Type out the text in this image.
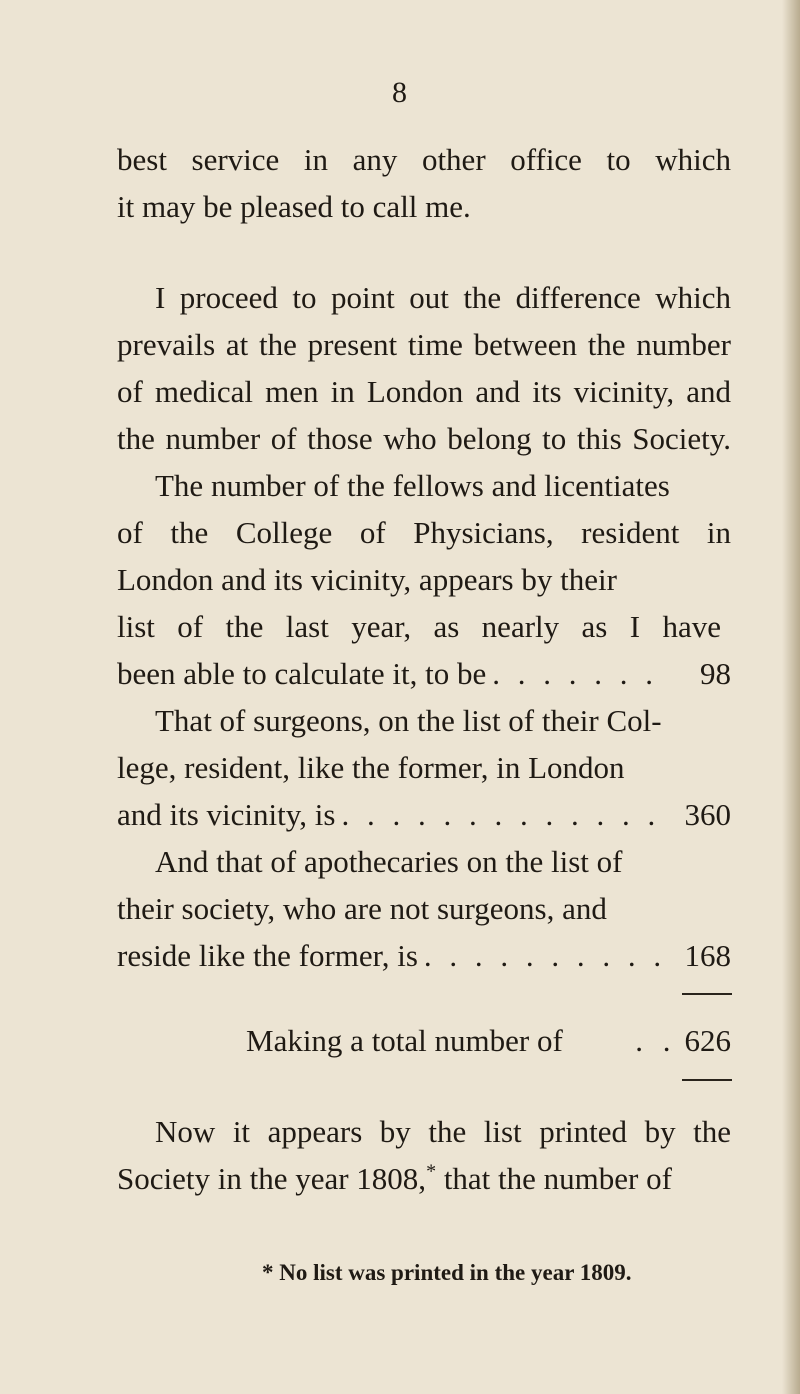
8
best service in any other office to which
it may be pleased to call me.
I proceed to point out the difference which
prevails at the present time between the number
of medical men in London and its vicinity, and
the number of those who belong to this Society.
The number of the fellows and licentiates
of the College of Physicians, resident in
London and its vicinity, appears by their
list of the last year, as nearly as I have
been able to calculate it, to be . . . . . . .	98
That of surgeons, on the list of their Col-
lege, resident, like the former, in London
and its vicinity, is . . . . . . . . . . . . . 360
And that of apothecaries on the list of
their society, who are not surgeons, and
reside like the former, is . . . . . . . . . . 168
Making a total number of	. . 626
Now it appears by the list printed by the
Society in the year 1808,* that the number of
* No list was printed in the year 1809.
